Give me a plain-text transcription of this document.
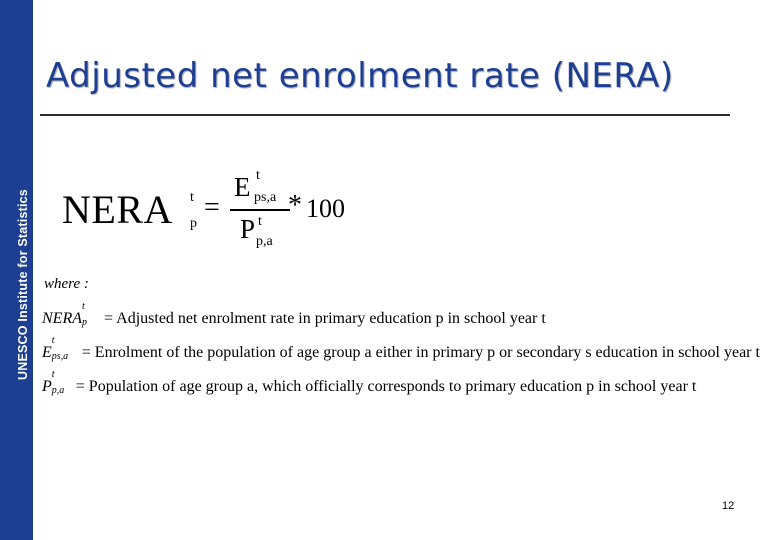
UNESCO Institute for Statistics
Adjusted net enrolment rate (NERA)
NERA t
p
=
E t
ps,a
P t
p,a
* 100
where :
NERA
t
p = Adjusted net enrolment rate in primary education p in school year t
E
t
ps,a = Enrolment of the population of age group a either in primary p or secondary s education in school year t
P
t
p,a = Population of age group a, which officially corresponds to primary education p in school year t
12
